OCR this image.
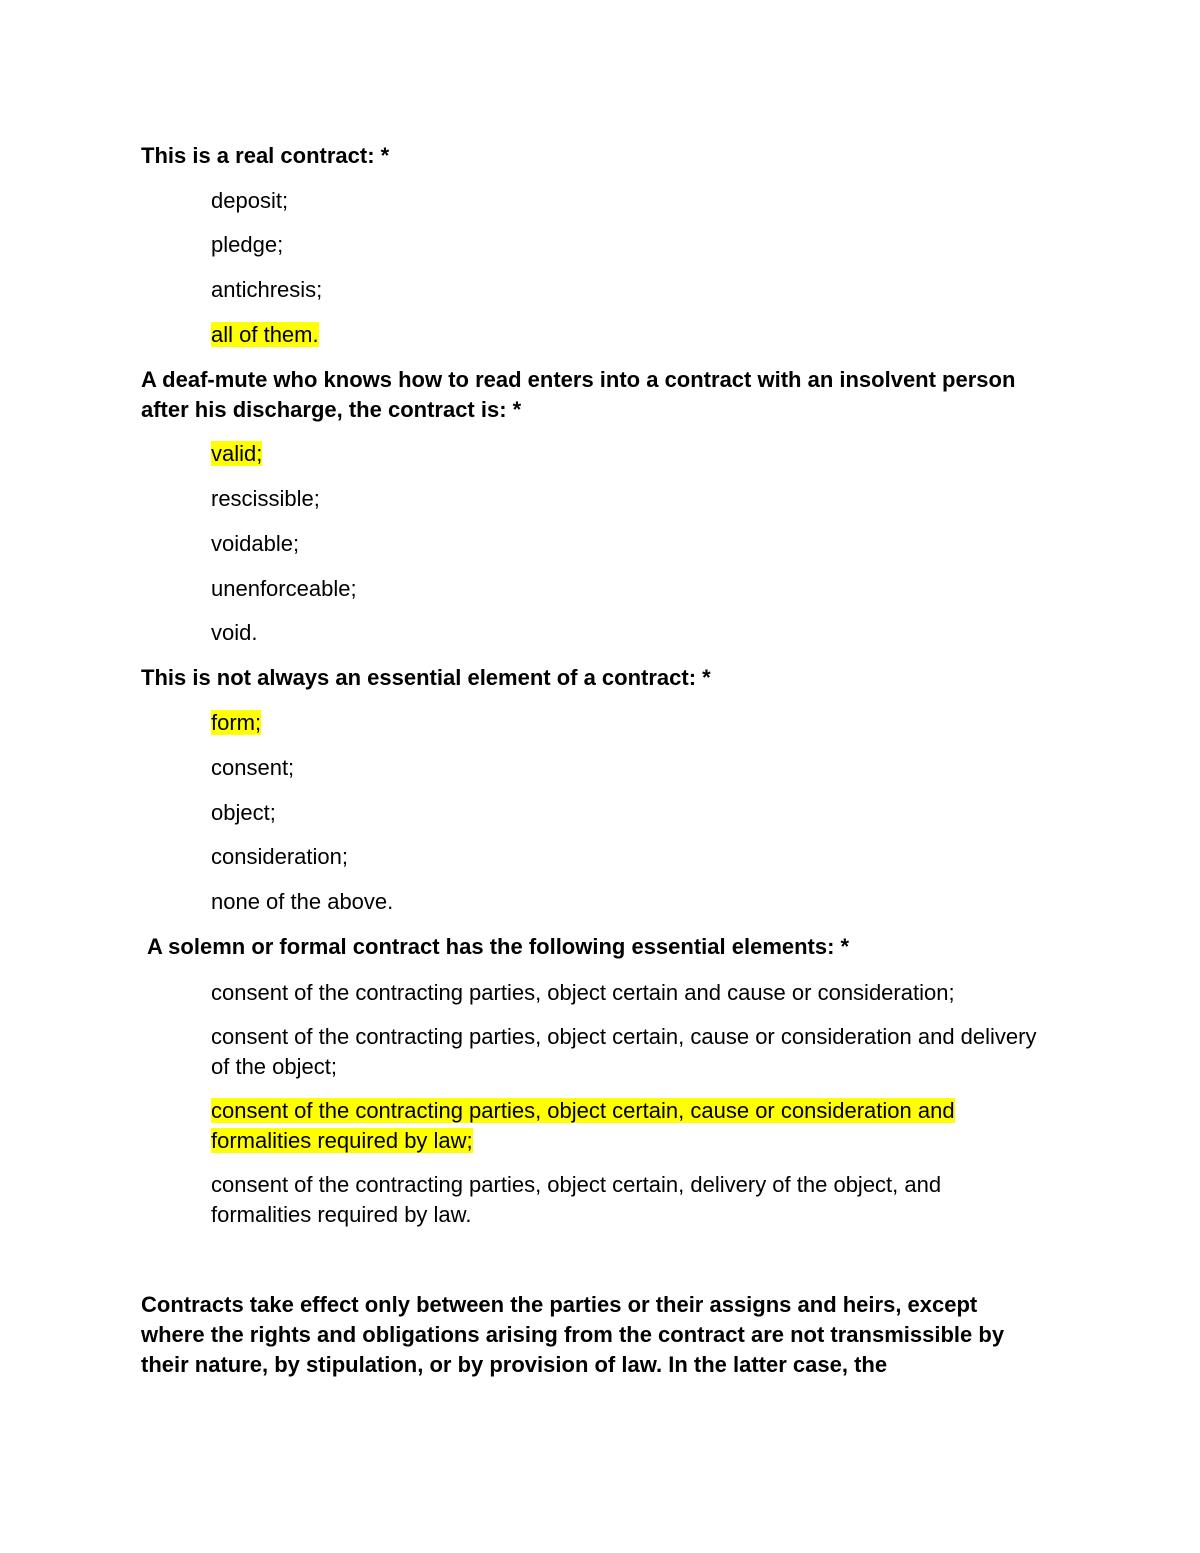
This is a real contract: *
deposit;
pledge;
antichresis;
all of them.
A deaf-mute who knows how to read enters into a contract with an insolvent person after his discharge, the contract is: *
valid;
rescissible;
voidable;
unenforceable;
void.
This is not always an essential element of a contract: *
form;
consent;
object;
consideration;
none of the above.
A solemn or formal contract has the following essential elements: *
consent of the contracting parties, object certain and cause or consideration;
consent of the contracting parties, object certain, cause or consideration and delivery of the object;
consent of the contracting parties, object certain, cause or consideration and formalities required by law;
consent of the contracting parties, object certain, delivery of the object, and formalities required by law.
Contracts take effect only between the parties or their assigns and heirs, except where the rights and obligations arising from the contract are not transmissible by their nature, by stipulation, or by provision of law. In the latter case, the
